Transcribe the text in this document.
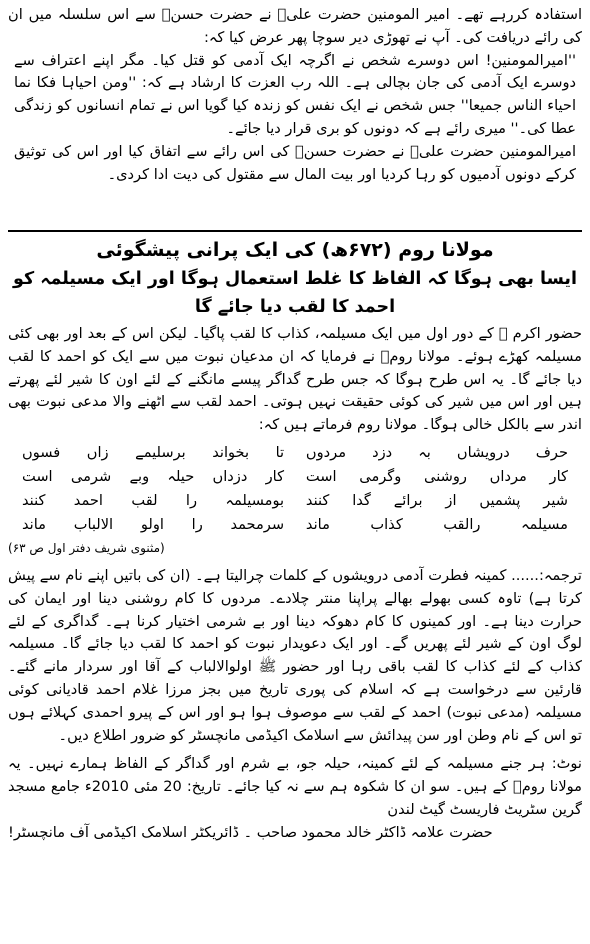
استفادہ کررہے تھے۔ امیر المومنین حضرت علیؓ نے حضرت حسنؓ سے اس سلسلہ میں ان کی رائے دریافت کی۔ آپ نے تھوڑی دیر سوچا پھر عرض کیا کہ:

''امیرالمومنین! اس دوسرے شخص نے اگرچہ ایک آدمی کو قتل کیا۔ مگر اپنے اعتراف سے دوسرے ایک آدمی کی جان بچالی ہے۔ اللہ رب العزت کا ارشاد ہے کہ: ''ومن احیاہا فکا نما احیاء الناس جمیعا'' جس شخص نے ایک نفس کو زندہ کیا گویا اس نے تمام انسانوں کو زندگی عطا کی۔'' میری رائے ہے کہ دونوں کو بری قرار دیا جائے۔

امیرالمومنین حضرت علیؓ نے حضرت حسنؓ کی اس رائے سے اتفاق کیا اور اس کی توثیق کرکے دونوں آدمیوں کو رہا کردیا اور بیت المال سے مقتول کی دیت ادا کردی۔

مولانا روم (۶۷۲ھ) کی ایک پرانی پیشگوئی
ایسا بھی ہوگا کہ الفاظ کا غلط استعمال ہوگا اور ایک مسیلمہ کو احمد کا لقب دیا جائے گا

حضور اکرم ﷺ کے دور اول میں ایک مسیلمہ، کذاب کا لقب پاگیا۔ لیکن اس کے بعد اور بھی کئی مسیلمہ کھڑے ہوئے۔ مولانا رومؒ نے فرمایا کہ ان مدعیان نبوت میں سے ایک کو احمد کا لقب دیا جائے گا۔ یہ اس طرح ہوگا کہ جس طرح گداگر پیسے مانگنے کے لئے اون کا شیر لئے پھرتے ہیں اور اس میں شیر کی کوئی حقیقت نہیں ہوتی۔ احمد لقب سے اٹھنے والا مدعی نبوت بھی اندر سے بالکل خالی ہوگا۔ مولانا روم فرماتے ہیں کہ:

حرف درویشاں بہ دزد مردوں
تا بخواند برسلیمے زاں فسوں
کار مرداں روشنی وگرمی است
کار دزداں حیلہ وبے شرمی است
شیر پشمیں از برائے گدا کنند
بومسیلمہ را لقب احمد کنند
مسیلمہ رالقب کذاب ماند
سرمحمد را اولو الالباب ماند
(مثنوی شریف دفتر اول ص ۶۳)

ترجمہ:...... کمینہ فطرت آدمی درویشوں کے کلمات چرالیتا ہے۔ (ان کی باتیں اپنے نام سے پیش کرتا ہے) تاوہ کسی بھولے بھالے پراپنا منتر چلادے۔ مردوں کا کام روشنی دینا اور ایمان کی حرارت دینا ہے۔ اور کمینوں کا کام دھوکہ دینا اور بے شرمی اختیار کرنا ہے۔ گداگری کے لئے لوگ اون کے شیر لئے پھریں گے۔ اور ایک دعویدار نبوت کو احمد کا لقب دیا جائے گا۔ مسیلمہ کذاب کے لئے کذاب کا لقب باقی رہا اور حضور ﷺ اولوالالباب کے آقا اور سردار مانے گئے۔ قارئین سے درخواست ہے کہ اسلام کی پوری تاریخ میں بجز مرزا غلام احمد قادیانی کوئی مسیلمہ (مدعی نبوت) احمد کے لقب سے موصوف ہوا ہو اور اس کے پیرو احمدی کہلائے ہوں تو اس کے نام وطن اور سن پیدائش سے اسلامک اکیڈمی مانچسٹر کو ضرور اطلاع دیں۔

نوٹ: ہر جنے مسیلمہ کے لئے کمینہ، حیلہ جو، بے شرم اور گداگر کے الفاظ ہمارے نہیں۔ یہ مولانا رومؒ کے ہیں۔ سو ان کا شکوہ ہم سے نہ کیا جائے۔ تاریخ: 20 مئی 2010ء جامع مسجد گرین سٹریٹ فاریسٹ گیٹ لندن

حضرت علامہ ڈاکٹر خالد محمود صاحب ۔ ڈائریکٹر اسلامک اکیڈمی آف مانچسٹر!
